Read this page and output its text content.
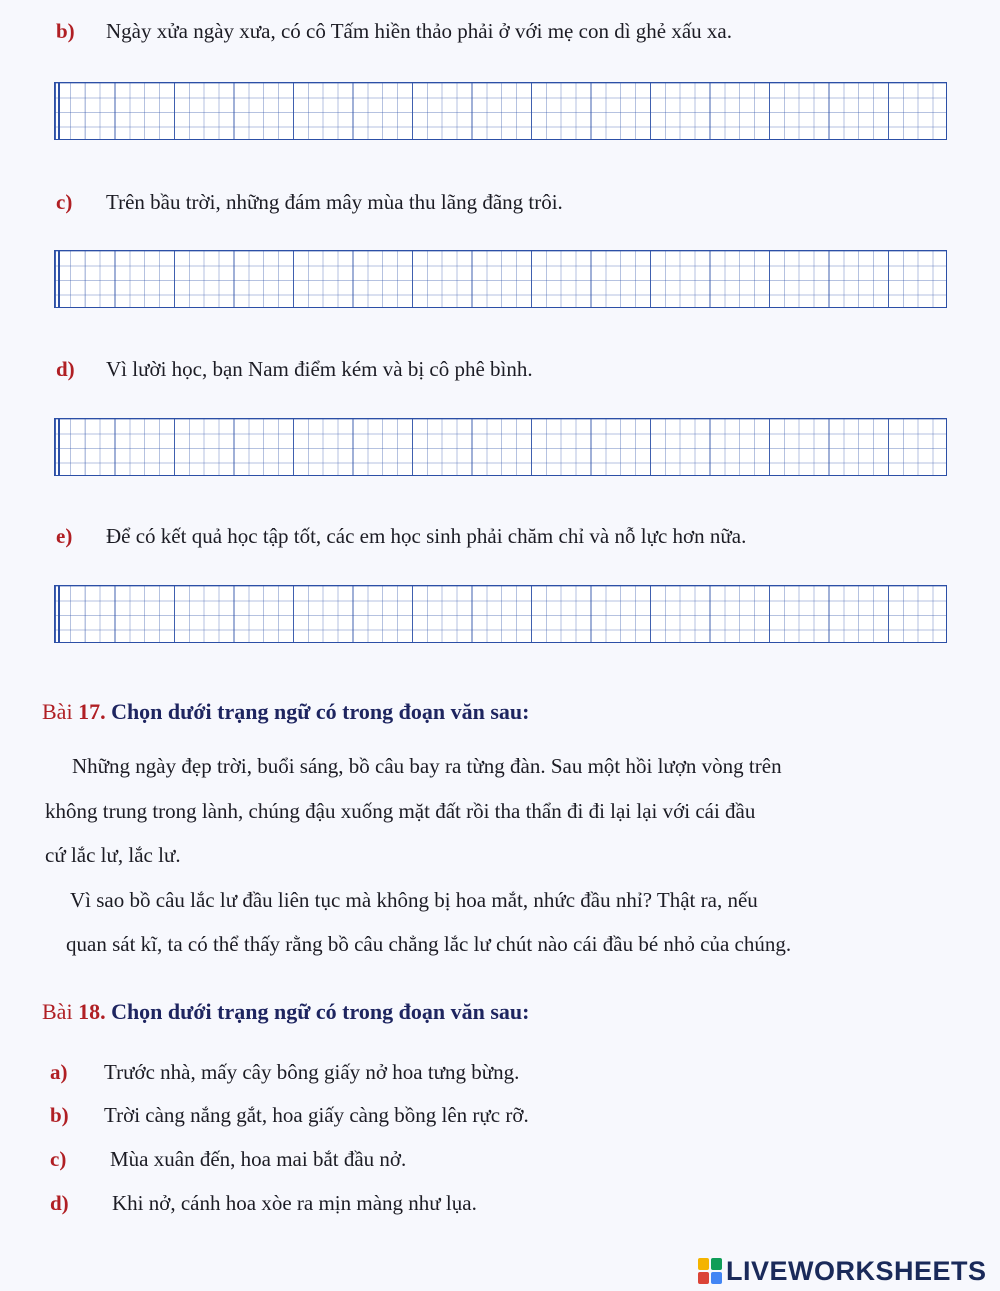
b) Ngày xửa ngày xưa, có cô Tấm hiền thảo phải ở với mẹ con dì ghẻ xấu xa.
c) Trên bầu trời, những đám mây mùa thu lãng đãng trôi.
d) Vì lười học, bạn Nam điểm kém và bị cô phê bình.
e) Để có kết quả học tập tốt, các em học sinh phải chăm chỉ và nỗ lực hơn nữa.
Bài 17. Chọn dưới trạng ngữ có trong đoạn văn sau:
Những ngày đẹp trời, buổi sáng, bồ câu bay ra từng đàn. Sau một hồi lượn vòng trên
không trung trong lành, chúng đậu xuống mặt đất rồi tha thẩn đi đi lại lại với cái đầu
cứ lắc lư, lắc lư.
Vì sao bồ câu lắc lư đầu liên tục mà không bị hoa mắt, nhức đầu nhỉ? Thật ra, nếu
quan sát kĩ, ta có thể thấy rằng bồ câu chẳng lắc lư chút nào cái đầu bé nhỏ của chúng.
Bài 18. Chọn dưới trạng ngữ có trong đoạn văn sau:
a) Trước nhà, mấy cây bông giấy nở hoa tưng bừng.
b) Trời càng nắng gắt, hoa giấy càng bồng lên rực rỡ.
c) Mùa xuân đến, hoa mai bắt đầu nở.
d) Khi nở, cánh hoa xòe ra mịn màng như lụa.
LIVEWORKSHEETS
